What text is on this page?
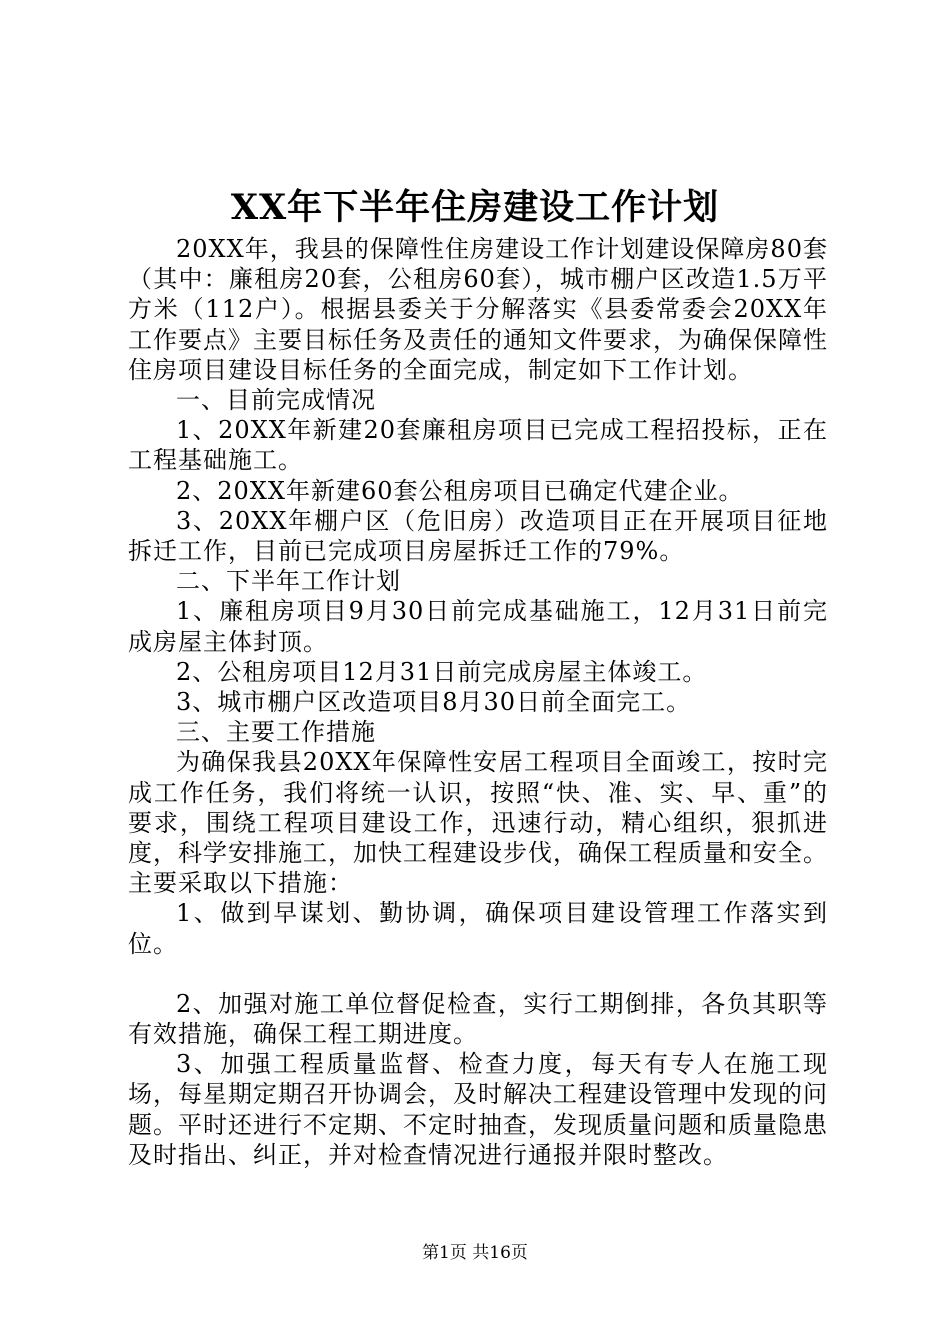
XX年下半年住房建设工作计划

20XX年，我县的保障性住房建设工作计划建设保障房80套（其中：廉租房20套，公租房60套），城市棚户区改造1.5万平方米（112户）。根据县委关于分解落实《县委常委会20XX年工作要点》主要目标任务及责任的通知文件要求，为确保保障性住房项目建设目标任务的全面完成，制定如下工作计划。

一、目前完成情况

1、20XX年新建20套廉租房项目已完成工程招投标，正在工程基础施工。

2、20XX年新建60套公租房项目已确定代建企业。

3、20XX年棚户区（危旧房）改造项目正在开展项目征地拆迁工作，目前已完成项目房屋拆迁工作的79%。

二、下半年工作计划

1、廉租房项目9月30日前完成基础施工，12月31日前完成房屋主体封顶。

2、公租房项目12月31日前完成房屋主体竣工。

3、城市棚户区改造项目8月30日前全面完工。

三、主要工作措施

为确保我县20XX年保障性安居工程项目全面竣工，按时完成工作任务，我们将统一认识，按照“快、准、实、早、重”的要求，围绕工程项目建设工作，迅速行动，精心组织，狠抓进度，科学安排施工，加快工程建设步伐，确保工程质量和安全。主要采取以下措施：

1、做到早谋划、勤协调，确保项目建设管理工作落实到位。

2、加强对施工单位督促检查，实行工期倒排，各负其职等有效措施，确保工程工期进度。

3、加强工程质量监督、检查力度，每天有专人在施工现场，每星期定期召开协调会，及时解决工程建设管理中发现的问题。平时还进行不定期、不定时抽查，发现质量问题和质量隐患及时指出、纠正，并对检查情况进行通报并限时整改。

第1页 共16页
